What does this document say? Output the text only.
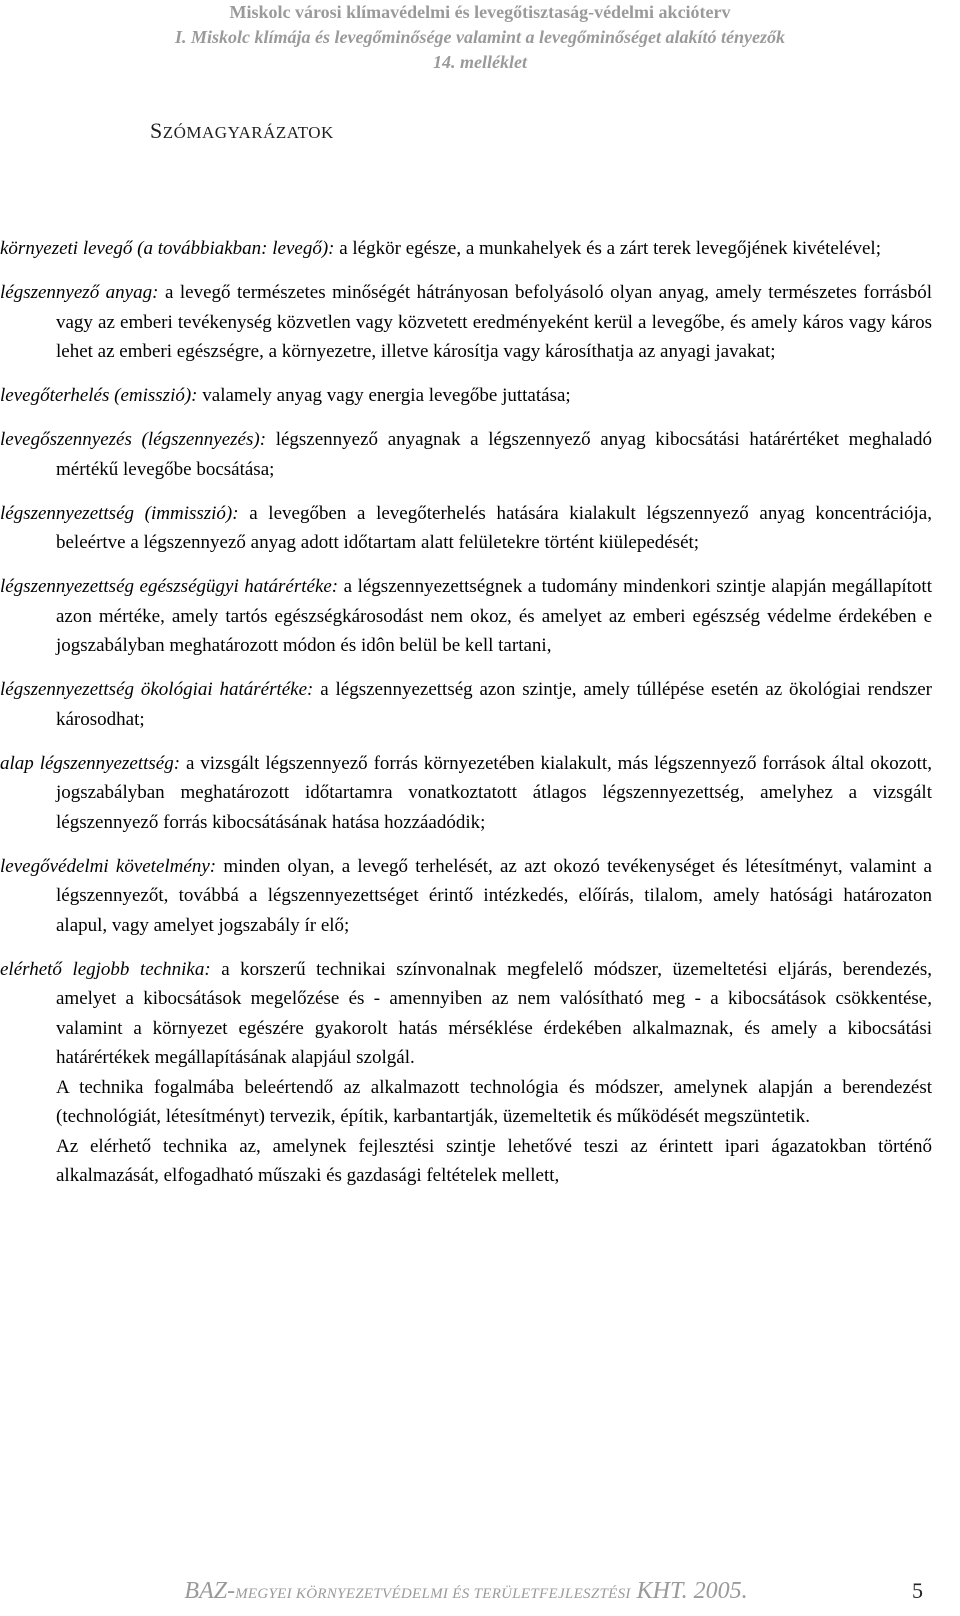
Miskolc városi klímavédelmi és levegőtisztaság-védelmi akcióterv
I. Miskolc klímája és levegőminősége valamint a levegőminőséget alakító tényezők
14. melléklet
SZÓMAGYARÁZATOK

környezeti levegő (a továbbiakban: levegő): a légkör egésze, a munkahelyek és a zárt terek levegőjének kivételével;

légszennyező anyag: a levegő természetes minőségét hátrányosan befolyásoló olyan anyag, amely természetes forrásból vagy az emberi tevékenység közvetlen vagy közvetett eredményeként kerül a levegőbe, és amely káros vagy káros lehet az emberi egészségre, a környezetre, illetve károsítja vagy károsíthatja az anyagi javakat;

levegőterhelés (emisszió): valamely anyag vagy energia levegőbe juttatása;

levegőszennyezés (légszennyezés): légszennyező anyagnak a légszennyező anyag kibocsátási határértéket meghaladó mértékű levegőbe bocsátása;

légszennyezettség (immisszió): a levegőben a levegőterhelés hatására kialakult légszennyező anyag koncentrációja, beleértve a légszennyező anyag adott időtartam alatt felületekre történt kiülepedését;

légszennyezettség egészségügyi határértéke: a légszennyezettségnek a tudomány mindenkori szintje alapján megállapított azon mértéke, amely tartós egészségkárosodást nem okoz, és amelyet az emberi egészség védelme érdekében e jogszabályban meghatározott módon és idôn belül be kell tartani,

légszennyezettség ökológiai határértéke: a légszennyezettség azon szintje, amely túllépése esetén az ökológiai rendszer károsodhat;

alap légszennyezettség: a vizsgált légszennyező forrás környezetében kialakult, más légszennyező források által okozott, jogszabályban meghatározott időtartamra vonatkoztatott átlagos légszennyezettség, amelyhez a vizsgált légszennyező forrás kibocsátásának hatása hozzáadódik;

levegővédelmi követelmény: minden olyan, a levegő terhelését, az azt okozó tevékenységet és létesítményt, valamint a légszennyezőt, továbbá a légszennyezettséget érintő intézkedés, előírás, tilalom, amely hatósági határozaton alapul, vagy amelyet jogszabály ír elő;

elérhető legjobb technika: a korszerű technikai színvonalnak megfelelő módszer, üzemeltetési eljárás, berendezés, amelyet a kibocsátások megelőzése és - amennyiben az nem valósítható meg - a kibocsátások csökkentése, valamint a környezet egészére gyakorolt hatás mérséklése érdekében alkalmaznak, és amely a kibocsátási határértékek megállapításának alapjául szolgál.

A technika fogalmába beleértendő az alkalmazott technológia és módszer, amelynek alapján a berendezést (technológiát, létesítményt) tervezik, építik, karbantartják, üzemeltetik és működését megszüntetik.

Az elérhető technika az, amelynek fejlesztési szintje lehetővé teszi az érintett ipari ágazatokban történő alkalmazását, elfogadható műszaki és gazdasági feltételek mellett,

BAZ-MEGYEI KÖRNYEZETVÉDELMI ÉS TERÜLETFEJLESZTÉSI KHT. 2005.	5
